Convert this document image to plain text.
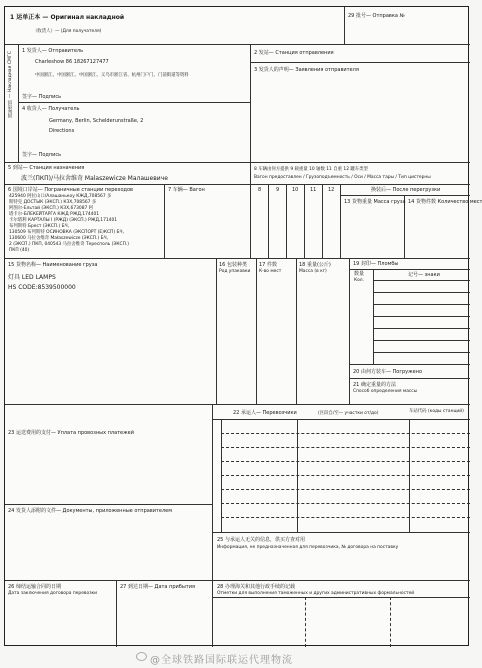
1 运单正本 — Оригинал накладной
（收货人）— (Для получателя)
29 批号— Отправка №
国际货协 — Накладная СМГС 1 发货人— Отправитель
Charleshow 86 18267127477
中国浙江、中国浙江、中国浙江、义乌市浙江省、杭州门户门、门前街道等资料
签字— Подпись
2 发站— Станция отправления
3 发货人的声明— Заявления отправителя
4 收货人— Получатель
Germany, Berlin, Schelderunstraße, 2
Directions
签字— Подпись
5 到站— Станция назначения
波兰(ПКП)/马拉舍维奇 Malaszewicze Малашевиче
8 车辆由何方提供 9 载重量 10 轴数 11 自重 12 罐车类型
Вагон предоставлен / Грузоподъемность / Оси / Масса тары / Тип цистерны
6 国境口岸站— Пограничные станции переходов
425940 阿拉山口/Алашанькоу КЖД,708567 多
斯特克 ДОСТЫК (ЭКСП.) КЗХ,708567 多
阿图尔-Ельтай (ЭКСП.) КЗХ,673087 阿
塔卡尔-БЛЕКЕЙТАРГА КЖД РЖД,174401
卡尔塔利 КАРТАЛЫ I (РЖД) (ЭКСП.) РЖД,171401
布列斯特 Брест (ЭКСП.) БЧ,
130509 布列斯特 ОСИНОВКА (ЭКСПОРТ (Е)КСП) БЧ,
130600 马拉舍维奇 Małaszewicze (ЭКСП.) БЧ,
2 (ЭКСП.) ПКП, 040543 马拉舍维奇 Тересполь (ЭКСП.)
ПКП (40)
7 车辆— Вагон	8	9	10 11 12	换装后— После перегрузки
13 货物重量 Масса груза 14 货物件数 Количество мест
15 货物名称— Наименование груза
灯具 LED LAMPS
HS CODE:8539500000
16 包装种类
Род упаковки
17 件数
К-во мест
18 重量(公斤)
Масса (в кг)
19 封印— Пломбы
数量
Кол.
记号— знаки
20 由何方装车— Погружено
21 确定重量的方法
Способ определения массы
23 运送费用的支付— Уплата провозных платежей
24 发货人添附的文件— Документы, приложенные отправителем
22 承运人— Перевозчики	(区段自/至— участки от/до)	车站代码 (коды станций)
25 与承运人无关的信息，供买方查对用
Информация, не предназначенная для перевозчика, № договора на поставку
26 缔结运输合同的日期
Дата заключения договора перевозки
27 到达日期— Дата прибытия	28 办理海关和其他行政手续的记载
Отметки для выполнения таможенных и других административных формальностей
@全球铁路国际联运代理物流
